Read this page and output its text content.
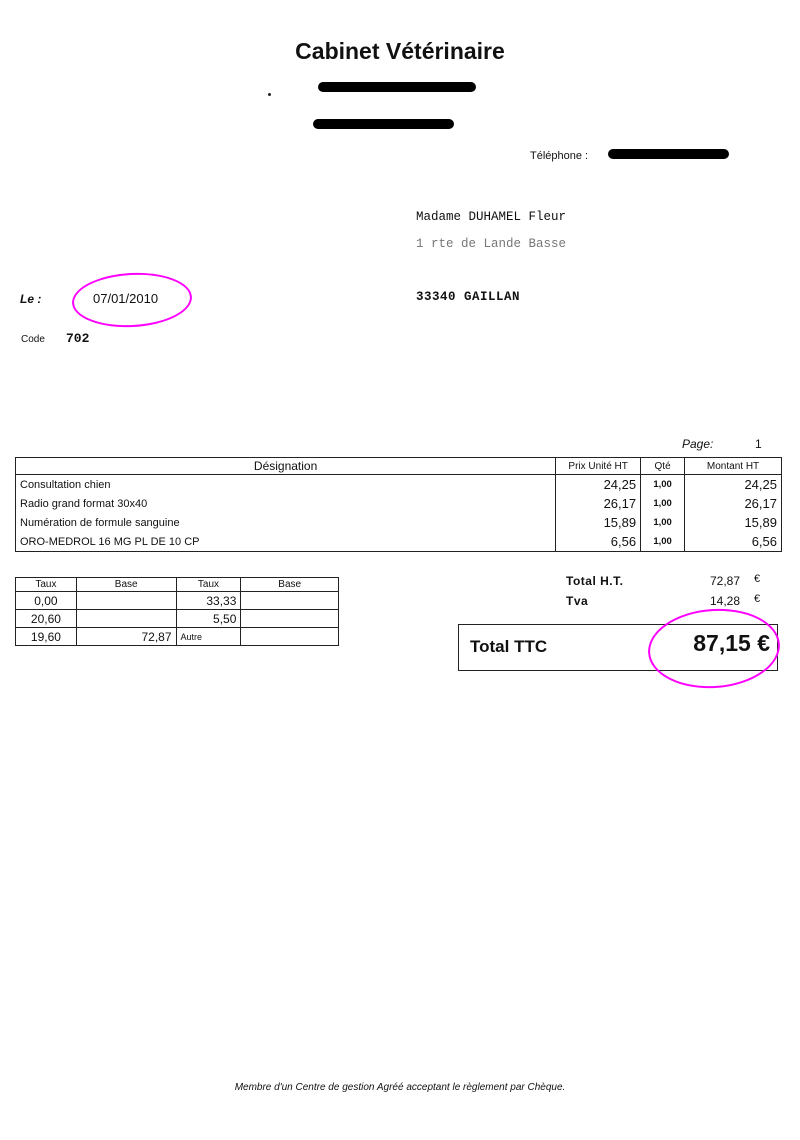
Cabinet Vétérinaire
Téléphone :
Madame DUHAMEL Fleur
1 rte de Lande Basse
33340 GAILLAN
Le :	07/01/2010
Code 702
Page:	1
Désignation	Prix Unité HT	Qté	Montant HT
Consultation chien	24,25	1,00	24,25
Radio grand format 30x40	26,17	1,00	26,17
Numération de formule sanguine	15,89	1,00	15,89
ORO-MEDROL 16 MG PL DE 10 CP	6,56	1,00	6,56
Taux	Base	Taux	Base
0,00		33,33	
20,60		5,50	
19,60	72,87	Autre	
Total H.T.	72,87 €
Tva	14,28 €
Total TTC	87,15 €
Membre d'un Centre de gestion Agréé acceptant le règlement par Chèque.
